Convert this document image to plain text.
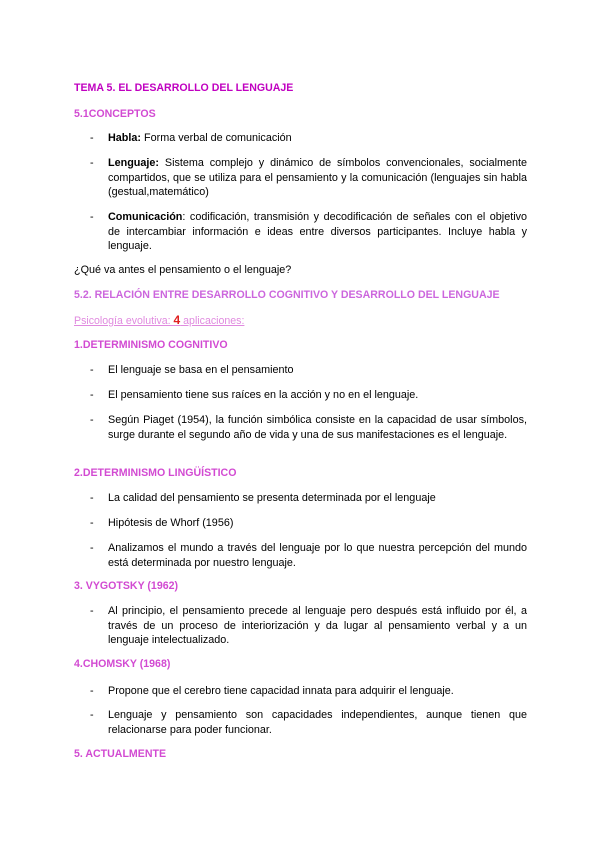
TEMA 5. EL DESARROLLO DEL LENGUAJE
5.1CONCEPTOS
- Habla: Forma verbal de comunicación

- Lenguaje: Sistema complejo y dinámico de símbolos convencionales, socialmente compartidos, que se utiliza para el pensamiento y la comunicación (lenguajes sin habla (gestual,matemático)

- Comunicación: codificación, transmisión y decodificación de señales con el objetivo de intercambiar información e ideas entre diversos participantes. Incluye habla y lenguaje.

¿Qué va antes el pensamiento o el lenguaje?
5.2. RELACIÓN ENTRE DESARROLLO COGNITIVO Y DESARROLLO DEL LENGUAJE
Psicología evolutiva: 4 aplicaciones:
1.DETERMINISMO COGNITIVO
- El lenguaje se basa en el pensamiento

- El pensamiento tiene sus raíces en la acción y no en el lenguaje.

- Según Piaget (1954), la función simbólica consiste en la capacidad de usar símbolos, surge durante el segundo año de vida y una de sus manifestaciones es el lenguaje.

2.DETERMINISMO LINGÜÍSTICO
- La calidad del pensamiento se presenta determinada por el lenguaje

- Hipótesis de Whorf (1956)

- Analizamos el mundo a través del lenguaje por lo que nuestra percepción del mundo está determinada por nuestro lenguaje.

3. VYGOTSKY (1962)
- Al principio, el pensamiento precede al lenguaje pero después está influido por él, a través de un proceso de interiorización y da lugar al pensamiento verbal y a un lenguaje intelectualizado.

4.CHOMSKY (1968)
- Propone que el cerebro tiene capacidad innata para adquirir el lenguaje.

- Lenguaje y pensamiento son capacidades independientes, aunque tienen que relacionarse para poder funcionar.

5. ACTUALMENTE
